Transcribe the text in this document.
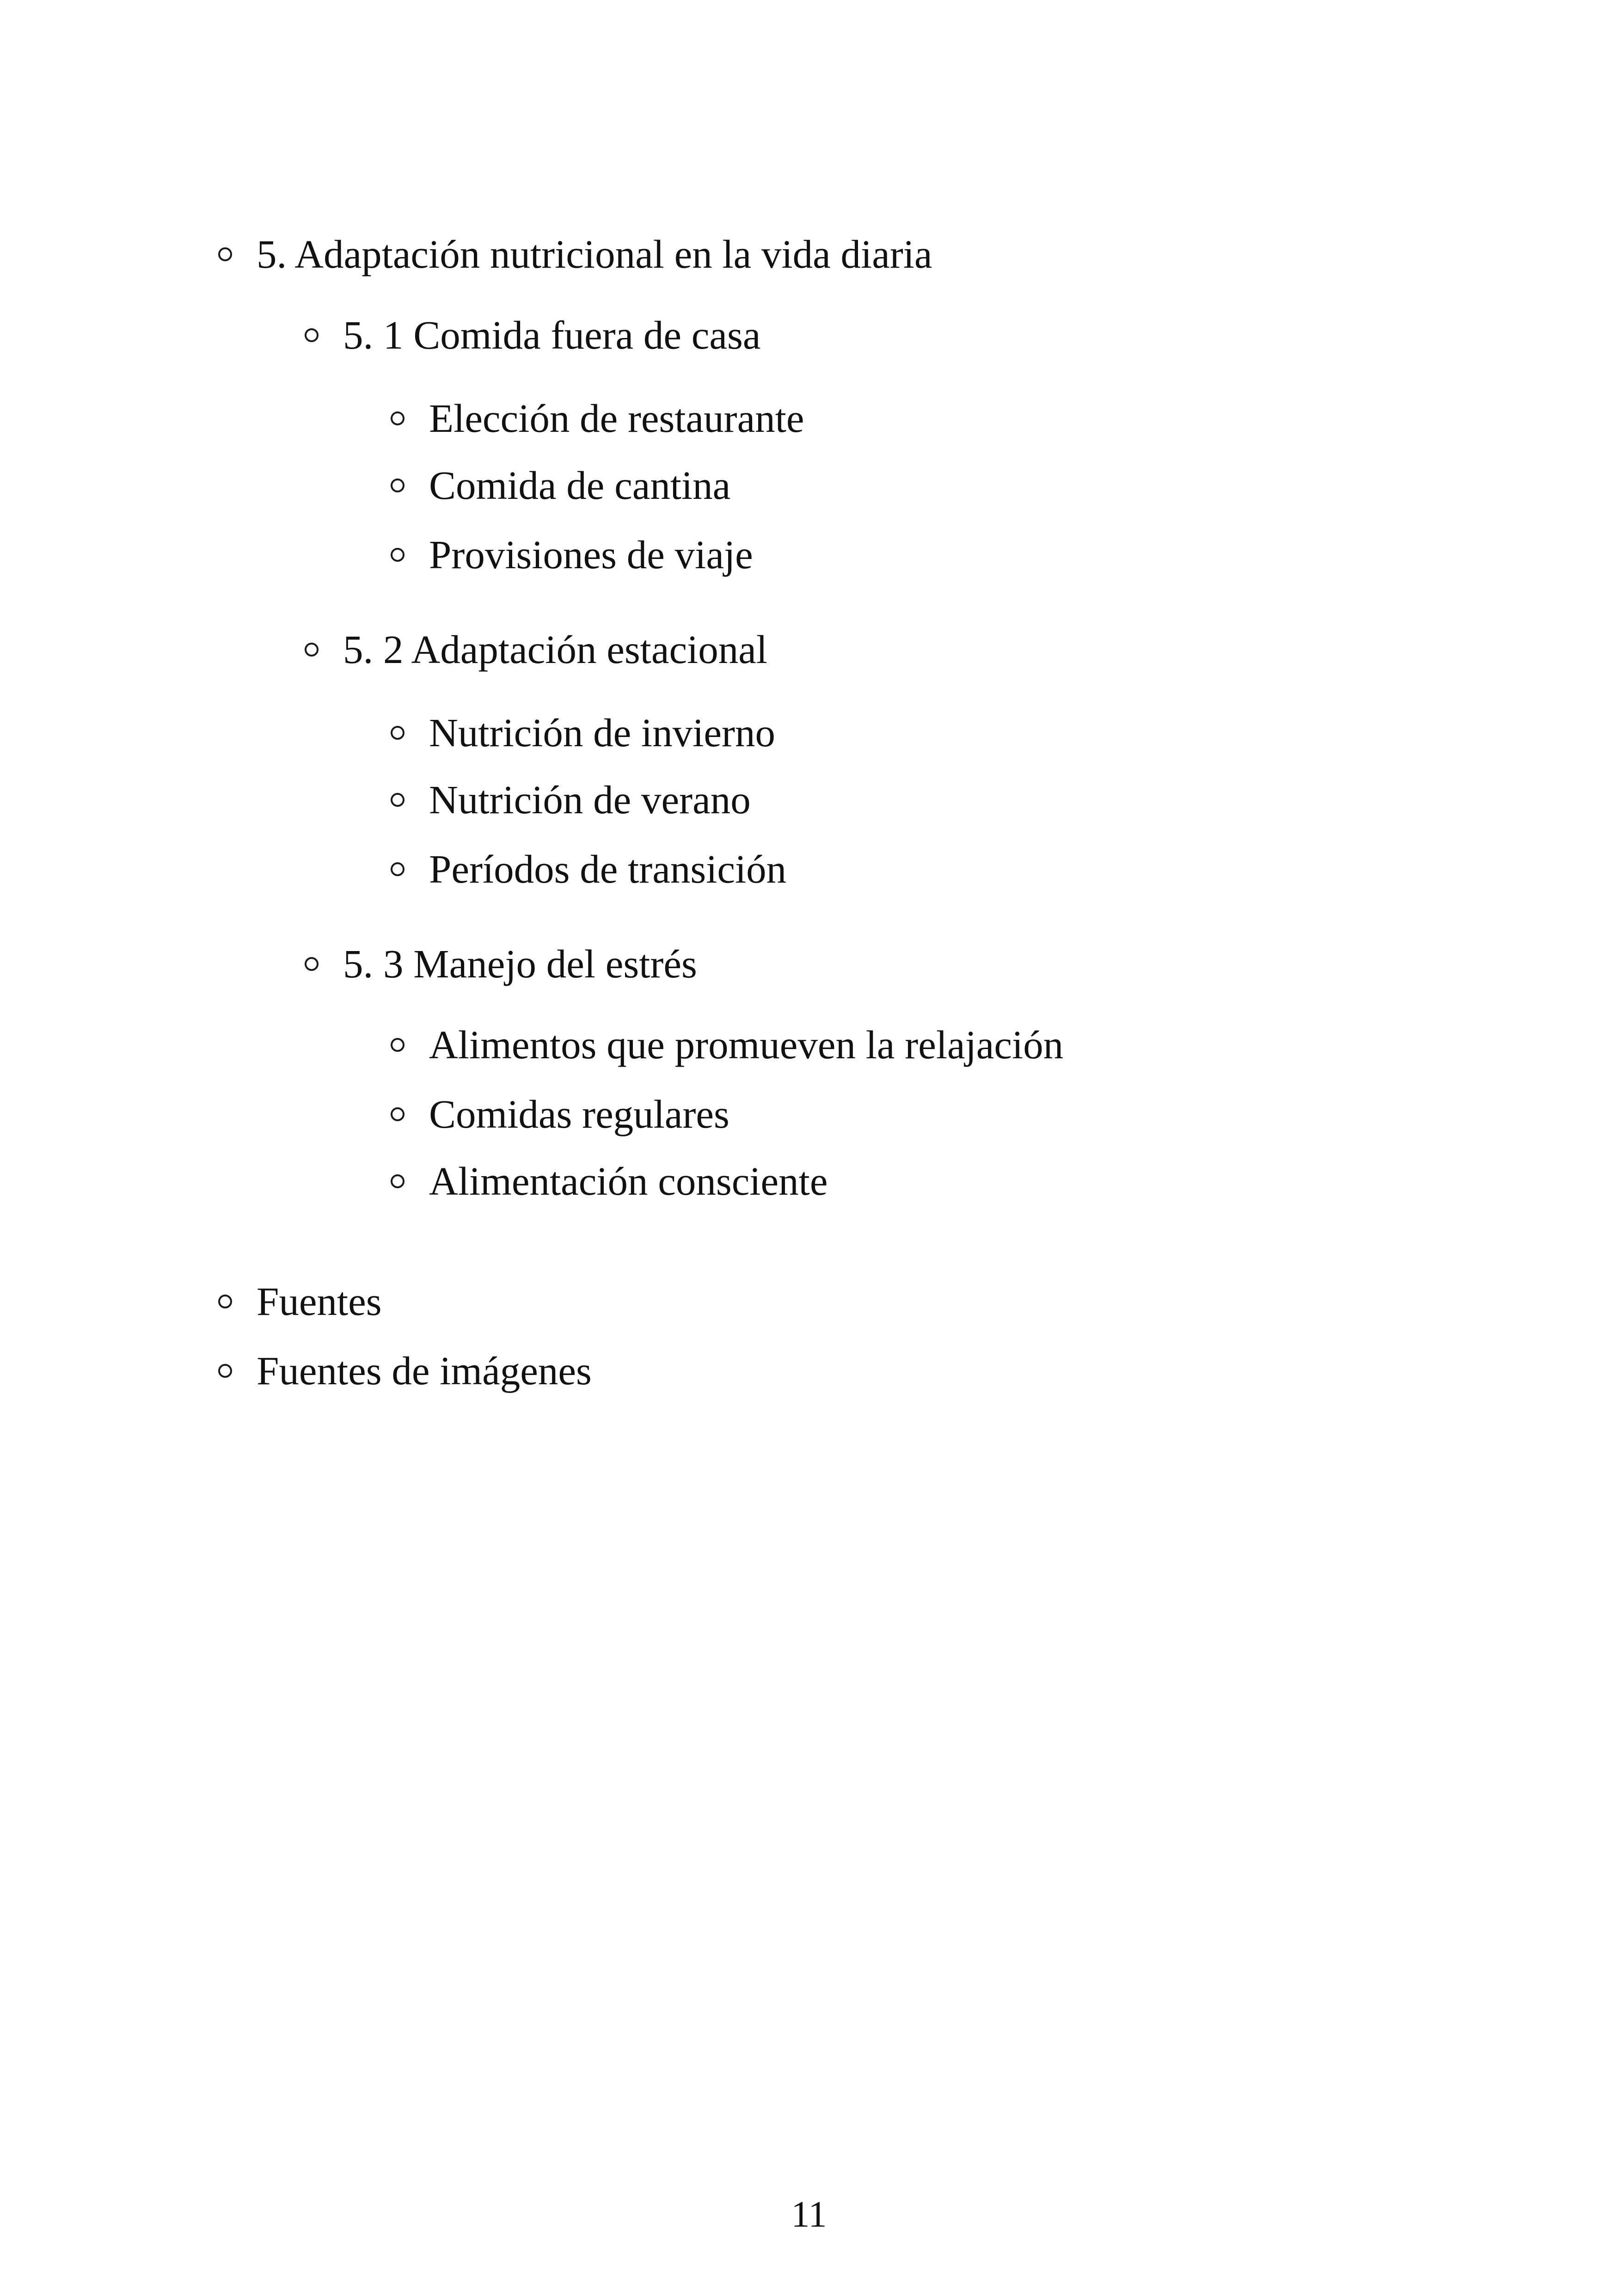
5. Adaptación nutricional en la vida diaria
5. 1 Comida fuera de casa
Elección de restaurante
Comida de cantina
Provisiones de viaje
5. 2 Adaptación estacional
Nutrición de invierno
Nutrición de verano
Períodos de transición
5. 3 Manejo del estrés
Alimentos que promueven la relajación
Comidas regulares
Alimentación consciente
Fuentes
Fuentes de imágenes
11
